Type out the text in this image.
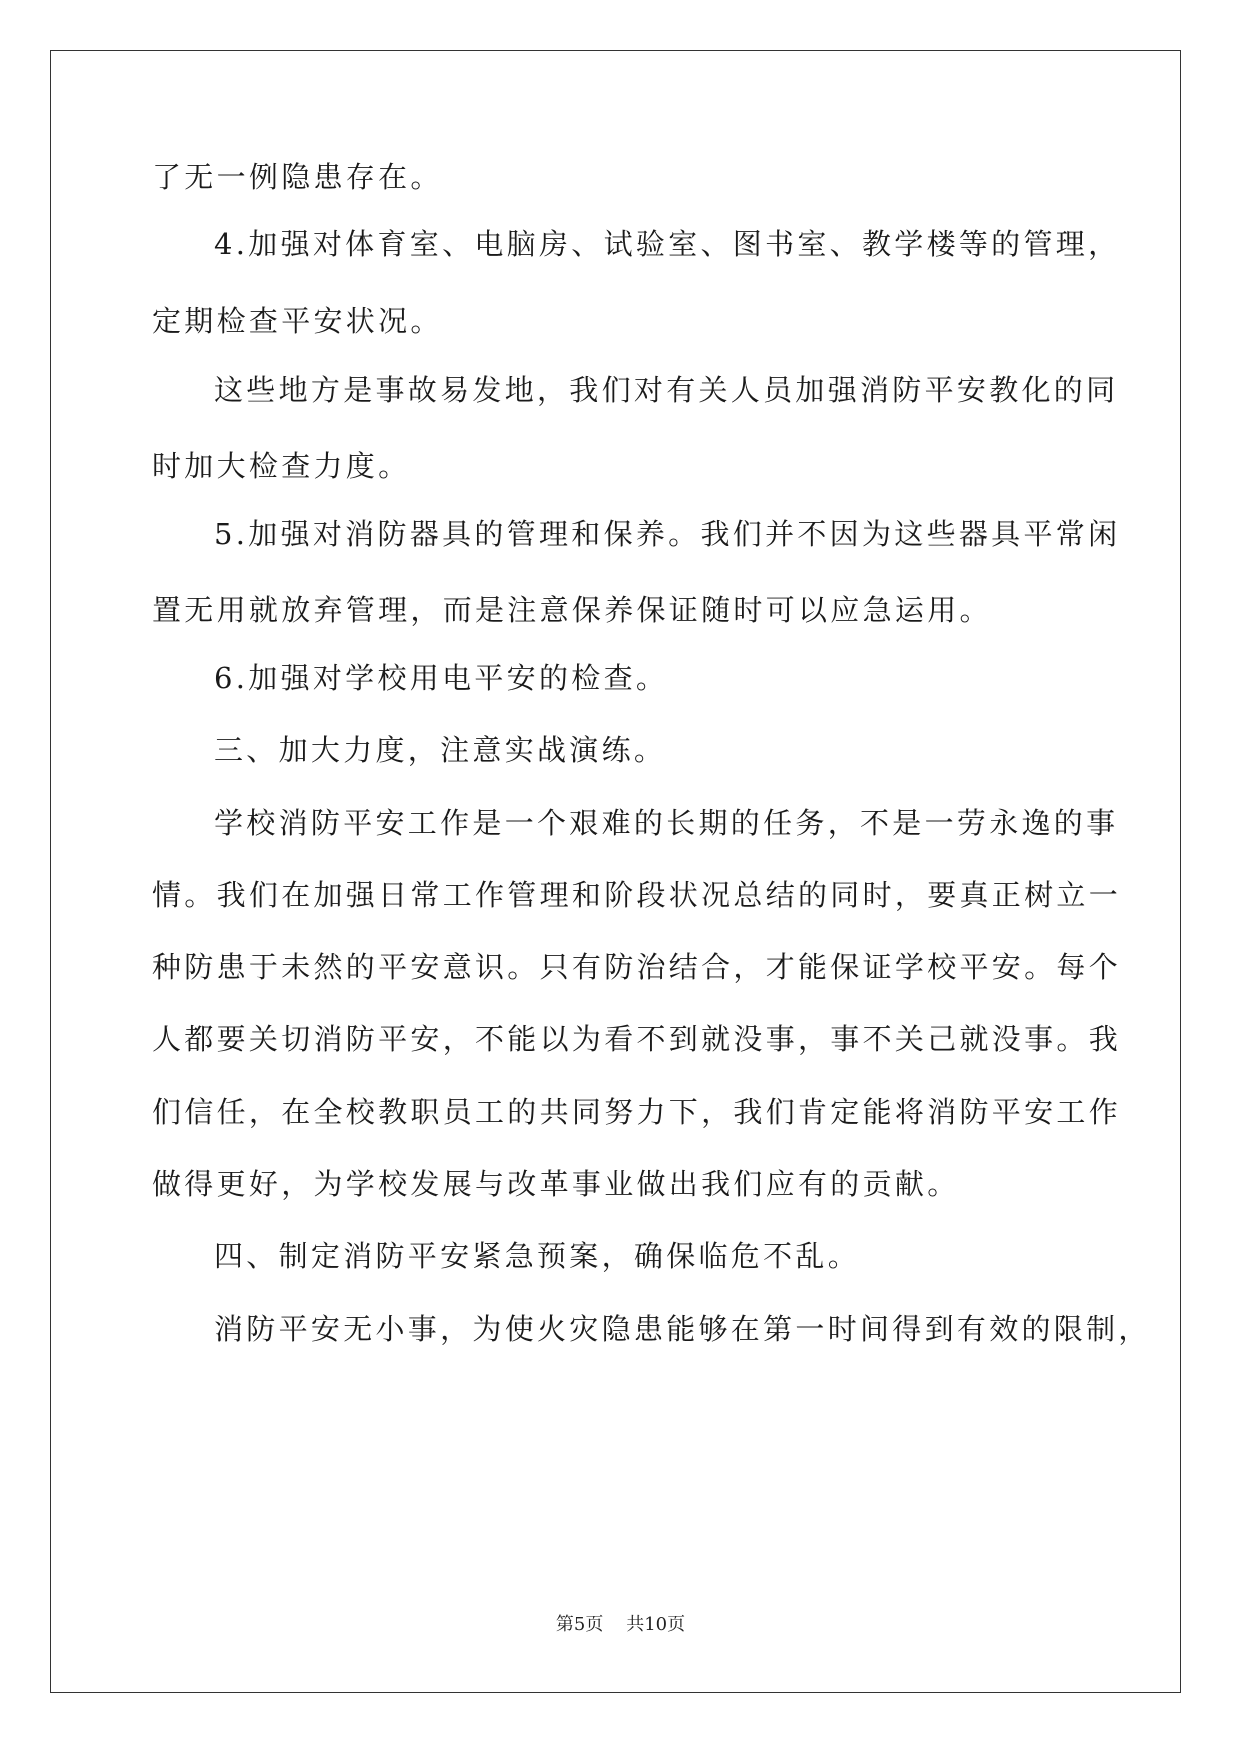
了无一例隐患存在。
4.加强对体育室、电脑房、试验室、图书室、教学楼等的管理，
定期检查平安状况。
这些地方是事故易发地，我们对有关人员加强消防平安教化的同
时加大检查力度。
5.加强对消防器具的管理和保养。我们并不因为这些器具平常闲
置无用就放弃管理，而是注意保养保证随时可以应急运用。
6.加强对学校用电平安的检查。
三、加大力度，注意实战演练。
学校消防平安工作是一个艰难的长期的任务，不是一劳永逸的事
情。我们在加强日常工作管理和阶段状况总结的同时，要真正树立一
种防患于未然的平安意识。只有防治结合，才能保证学校平安。每个
人都要关切消防平安，不能以为看不到就没事，事不关己就没事。我
们信任，在全校教职员工的共同努力下，我们肯定能将消防平安工作
做得更好，为学校发展与改革事业做出我们应有的贡献。
四、制定消防平安紧急预案，确保临危不乱。
消防平安无小事，为使火灾隐患能够在第一时间得到有效的限制，
第5页 共10页
